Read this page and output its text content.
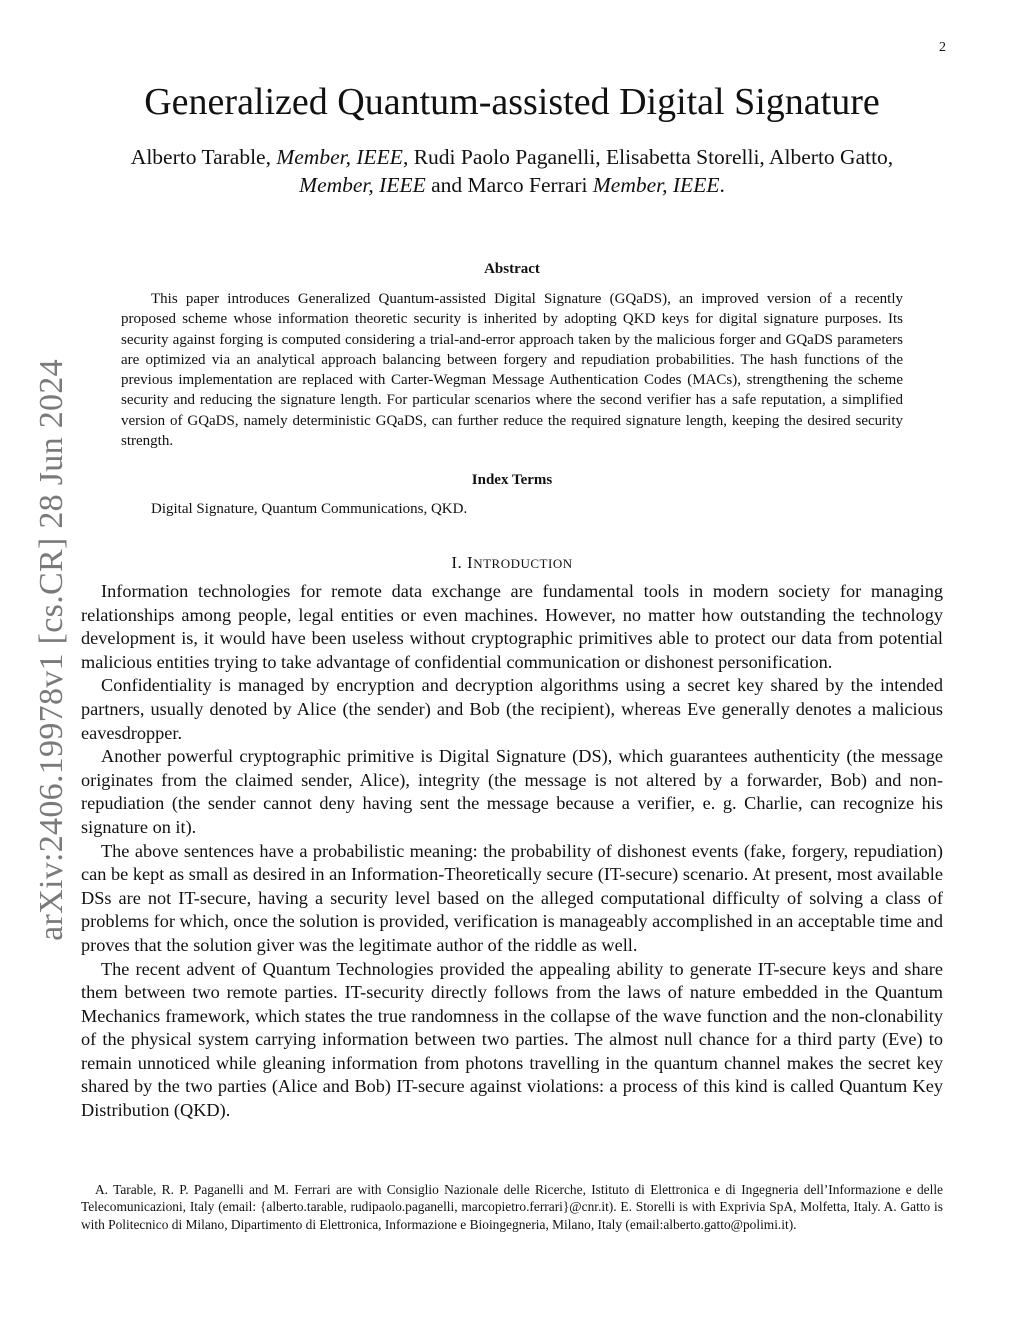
2
arXiv:2406.19978v1 [cs.CR] 28 Jun 2024
Generalized Quantum-assisted Digital Signature

Alberto Tarable, Member, IEEE, Rudi Paolo Paganelli, Elisabetta Storelli, Alberto Gatto,
Member, IEEE and Marco Ferrari Member, IEEE.

Abstract

This paper introduces Generalized Quantum-assisted Digital Signature (GQaDS), an improved version of a recently proposed scheme whose information theoretic security is inherited by adopting QKD keys for digital signature purposes. Its security against forging is computed considering a trial-and-error approach taken by the malicious forger and GQaDS parameters are optimized via an analytical approach balancing between forgery and repudiation probabilities. The hash functions of the previous implementation are replaced with Carter-Wegman Message Authentication Codes (MACs), strengthening the scheme security and reducing the signature length. For particular scenarios where the second verifier has a safe reputation, a simplified version of GQaDS, namely deterministic GQaDS, can further reduce the required signature length, keeping the desired security strength.

Index Terms

Digital Signature, Quantum Communications, QKD.

I. INTRODUCTION

Information technologies for remote data exchange are fundamental tools in modern society for managing relationships among people, legal entities or even machines. However, no matter how outstanding the technology development is, it would have been useless without cryptographic primitives able to protect our data from potential malicious entities trying to take advantage of confidential communication or dishonest personification.

Confidentiality is managed by encryption and decryption algorithms using a secret key shared by the intended partners, usually denoted by Alice (the sender) and Bob (the recipient), whereas Eve generally denotes a malicious eavesdropper.

Another powerful cryptographic primitive is Digital Signature (DS), which guarantees authenticity (the message originates from the claimed sender, Alice), integrity (the message is not altered by a forwarder, Bob) and non-repudiation (the sender cannot deny having sent the message because a verifier, e. g. Charlie, can recognize his signature on it).

The above sentences have a probabilistic meaning: the probability of dishonest events (fake, forgery, repudiation) can be kept as small as desired in an Information-Theoretically secure (IT-secure) scenario. At present, most available DSs are not IT-secure, having a security level based on the alleged computational difficulty of solving a class of problems for which, once the solution is provided, verification is manageably accomplished in an acceptable time and proves that the solution giver was the legitimate author of the riddle as well.

The recent advent of Quantum Technologies provided the appealing ability to generate IT-secure keys and share them between two remote parties. IT-security directly follows from the laws of nature embedded in the Quantum Mechanics framework, which states the true randomness in the collapse of the wave function and the non-clonability of the physical system carrying information between two parties. The almost null chance for a third party (Eve) to remain unnoticed while gleaning information from photons travelling in the quantum channel makes the secret key shared by the two parties (Alice and Bob) IT-secure against violations: a process of this kind is called Quantum Key Distribution (QKD).

A. Tarable, R. P. Paganelli and M. Ferrari are with Consiglio Nazionale delle Ricerche, Istituto di Elettronica e di Ingegneria dell’Informazione e delle Telecomunicazioni, Italy (email: {alberto.tarable, rudipaolo.paganelli, marcopietro.ferrari}@cnr.it). E. Storelli is with Exprivia SpA, Molfetta, Italy. A. Gatto is with Politecnico di Milano, Dipartimento di Elettronica, Informazione e Bioingegneria, Milano, Italy (email:alberto.gatto@polimi.it).
